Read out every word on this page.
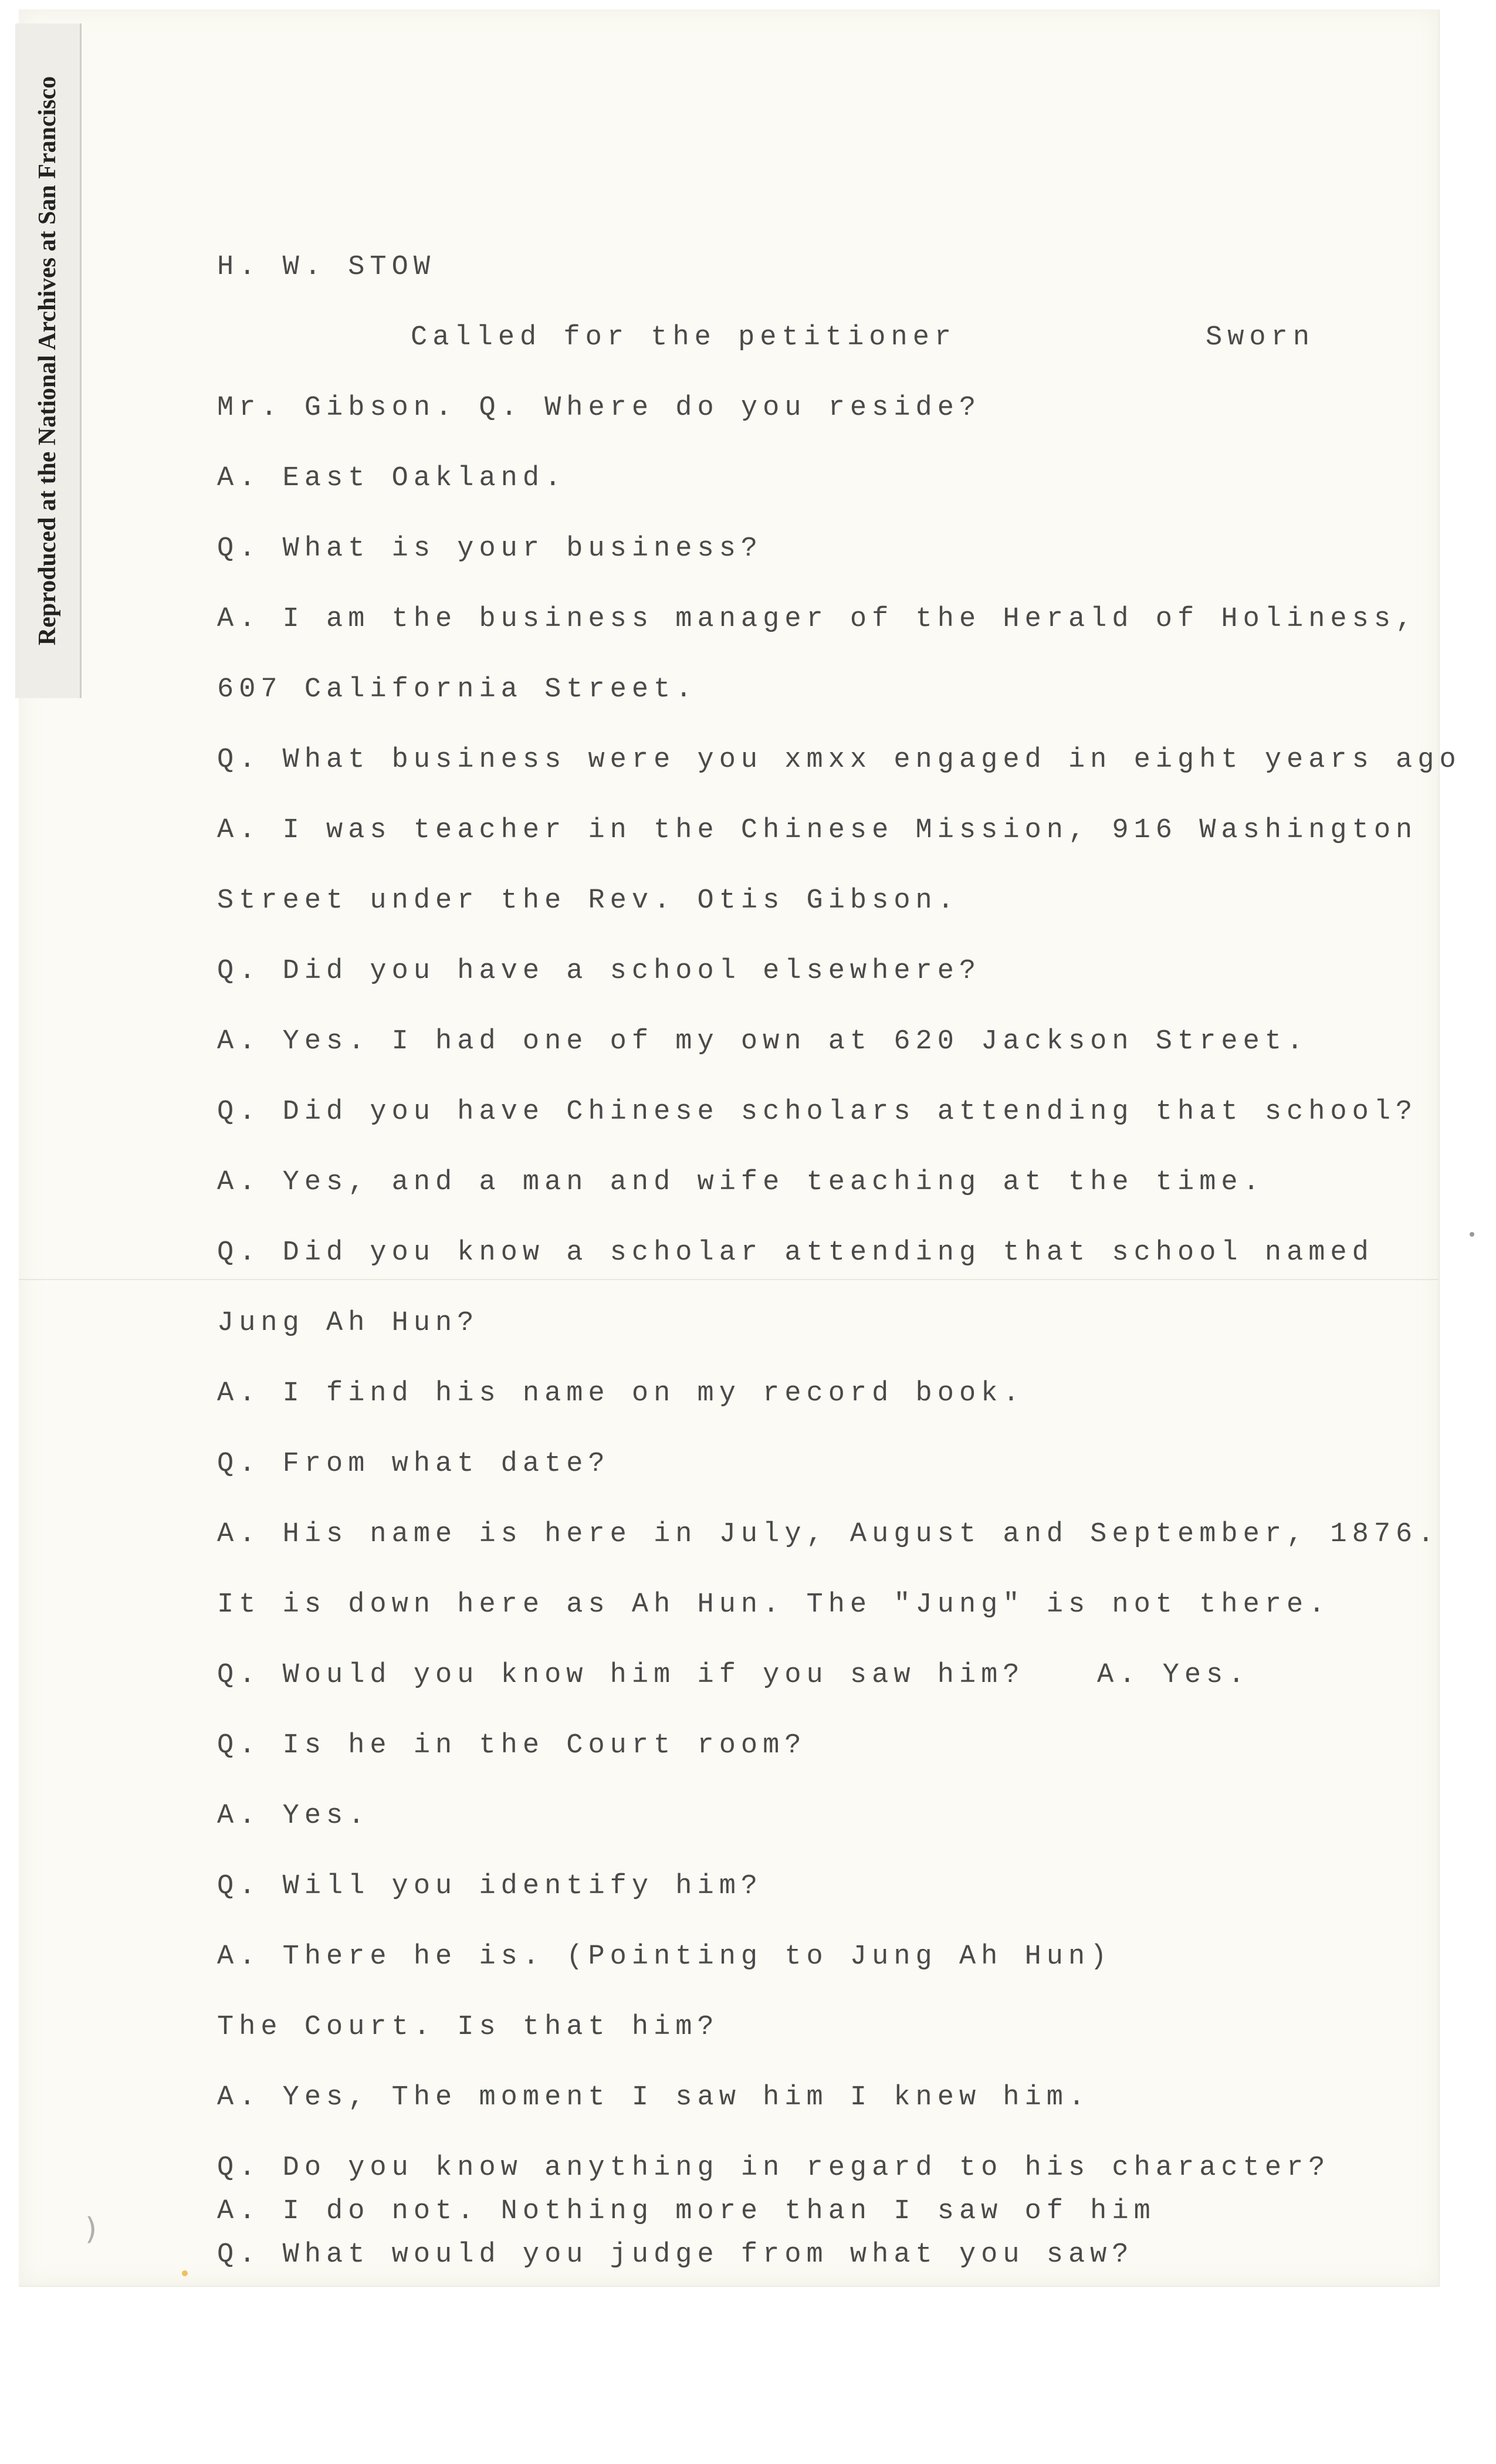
Reproduced at the National Archives at San Francisco	H. W. STOW
Called for the petitioner	Sworn
Mr. Gibson. Q. Where do you reside?
A. East Oakland.
Q. What is your business?
A. I am the business manager of the Herald of Holiness,
607 California Street.
Q. What business were you xmxx engaged in eight years ago
A. I was teacher in the Chinese Mission, 916 Washington
Street under the Rev. Otis Gibson.
Q. Did you have a school elsewhere?
A. Yes. I had one of my own at 620 Jackson Street.
Q. Did you have Chinese scholars attending that school?
A. Yes, and a man and wife teaching at the time.
Q. Did you know a scholar attending that school named
Jung Ah Hun?
A. I find his name on my record book.
Q. From what date?
A. His name is here in July, August and September, 1876.
It is down here as Ah Hun. The "Jung" is not there.
Q. Would you know him if you saw him?	A. Yes.
Q. Is he in the Court room?
A. Yes.
Q. Will you identify him?
A. There he is. (Pointing to Jung Ah Hun)
The Court. Is that him?
A. Yes, The moment I saw him I knew him.
Q. Do you know anything in regard to his character?
A. I do not. Nothing more than I saw of him
Q. What would you judge from what you saw?
)
